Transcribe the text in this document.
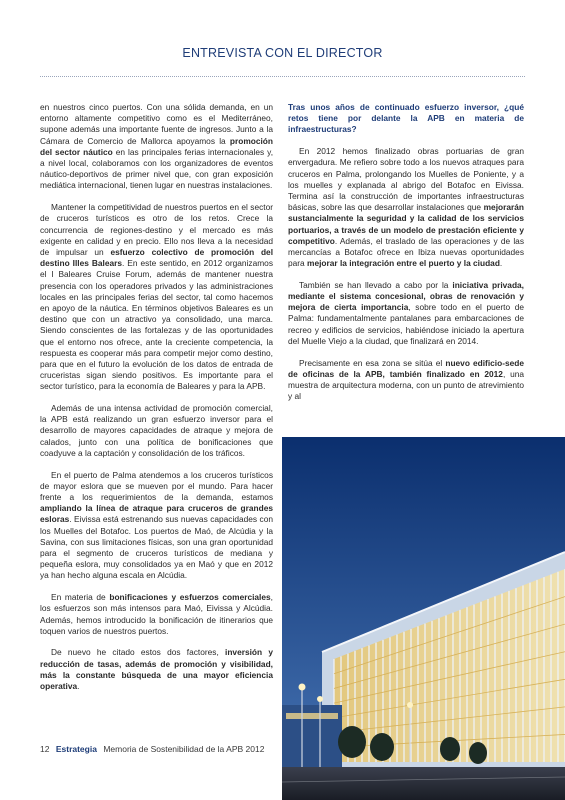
ENTREVISTA CON EL DIRECTOR

en nuestros cinco puertos. Con una sólida demanda, en un entorno altamente competitivo como es el Mediterráneo, supone además una importante fuente de ingresos. Junto a la Cámara de Comercio de Mallorca apoyamos la promoción del sector náutico en las principales ferias internacionales y, a nivel local, colaboramos con los organizadores de eventos náutico-deportivos de primer nivel que, con gran exposición mediática internacional, tienen lugar en nuestras instalaciones.

Mantener la competitividad de nuestros puertos en el sector de cruceros turísticos es otro de los retos. Crece la concurrencia de regiones-destino y el mercado es más exigente en calidad y en precio. Ello nos lleva a la necesidad de impulsar un esfuerzo colectivo de promoción del destino Illes Balears. En este sentido, en 2012 organizamos el I Baleares Cruise Forum, además de mantener nuestra presencia con los operadores privados y las administraciones locales en las principales ferias del sector, tal como hacemos en apoyo de la náutica. En términos objetivos Baleares es un destino que con un atractivo ya consolidado, una marca. Siendo conscientes de las fortalezas y de las oportunidades que el entorno nos ofrece, ante la creciente competencia, la respuesta es cooperar más para competir mejor como destino, para que en el futuro la evolución de los datos de entrada de cruceristas sigan siendo positivos. Es importante para el sector turístico, para la economía de Baleares y para la APB.

Además de una intensa actividad de promoción comercial, la APB está realizando un gran esfuerzo inversor para el desarrollo de mayores capacidades de atraque y mejora de calados, junto con una política de bonificaciones que coadyuve a la captación y consolidación de los tráficos.

En el puerto de Palma atendemos a los cruceros turísticos de mayor eslora que se mueven por el mundo. Para hacer frente a los requerimientos de la demanda, estamos ampliando la línea de atraque para cruceros de grandes esloras. Eivissa está estrenando sus nuevas capacidades con los Muelles del Botafoc. Los puertos de Maó, de Alcúdia y la Savina, con sus limitaciones físicas, son una gran oportunidad para el segmento de cruceros turísticos de mediana y pequeña eslora, muy consolidados ya en Maó y que en 2012 ya han hecho alguna escala en Alcúdia.

En materia de bonificaciones y esfuerzos comerciales, los esfuerzos son más intensos para Maó, Eivissa y Alcúdia. Además, hemos introducido la bonificación de itinerarios que toquen varios de nuestros puertos.

De nuevo he citado estos dos factores, inversión y reducción de tasas, además de promoción y visibilidad, más la constante búsqueda de una mayor eficiencia operativa.

Tras unos años de continuado esfuerzo inversor, ¿qué retos tiene por delante la APB en materia de infraestructuras?

En 2012 hemos finalizado obras portuarias de gran envergadura. Me refiero sobre todo a los nuevos atraques para cruceros en Palma, prolongando los Muelles de Poniente, y a los muelles y explanada al abrigo del Botafoc en Eivissa. Termina así la construcción de importantes infraestructuras básicas, sobre las que desarrollar instalaciones que mejorarán sustancialmente la seguridad y la calidad de los servicios portuarios, a través de un modelo de prestación eficiente y competitivo. Además, el traslado de las operaciones y de las mercancías a Botafoc ofrece en Ibiza nuevas oportunidades para mejorar la integración entre el puerto y la ciudad.

También se han llevado a cabo por la iniciativa privada, mediante el sistema concesional, obras de renovación y mejora de cierta importancia, sobre todo en el puerto de Palma: fundamentalmente pantalanes para embarcaciones de recreo y edificios de servicios, habiéndose iniciado la apertura del Muelle Viejo a la ciudad, que finalizará en 2014.

Precisamente en esa zona se sitúa el nuevo edificio-sede de oficinas de la APB, también finalizado en 2012, una muestra de arquitectura moderna, con un punto de atrevimiento y al

12 Estrategia Memoria de Sostenibilidad de la APB 2012
